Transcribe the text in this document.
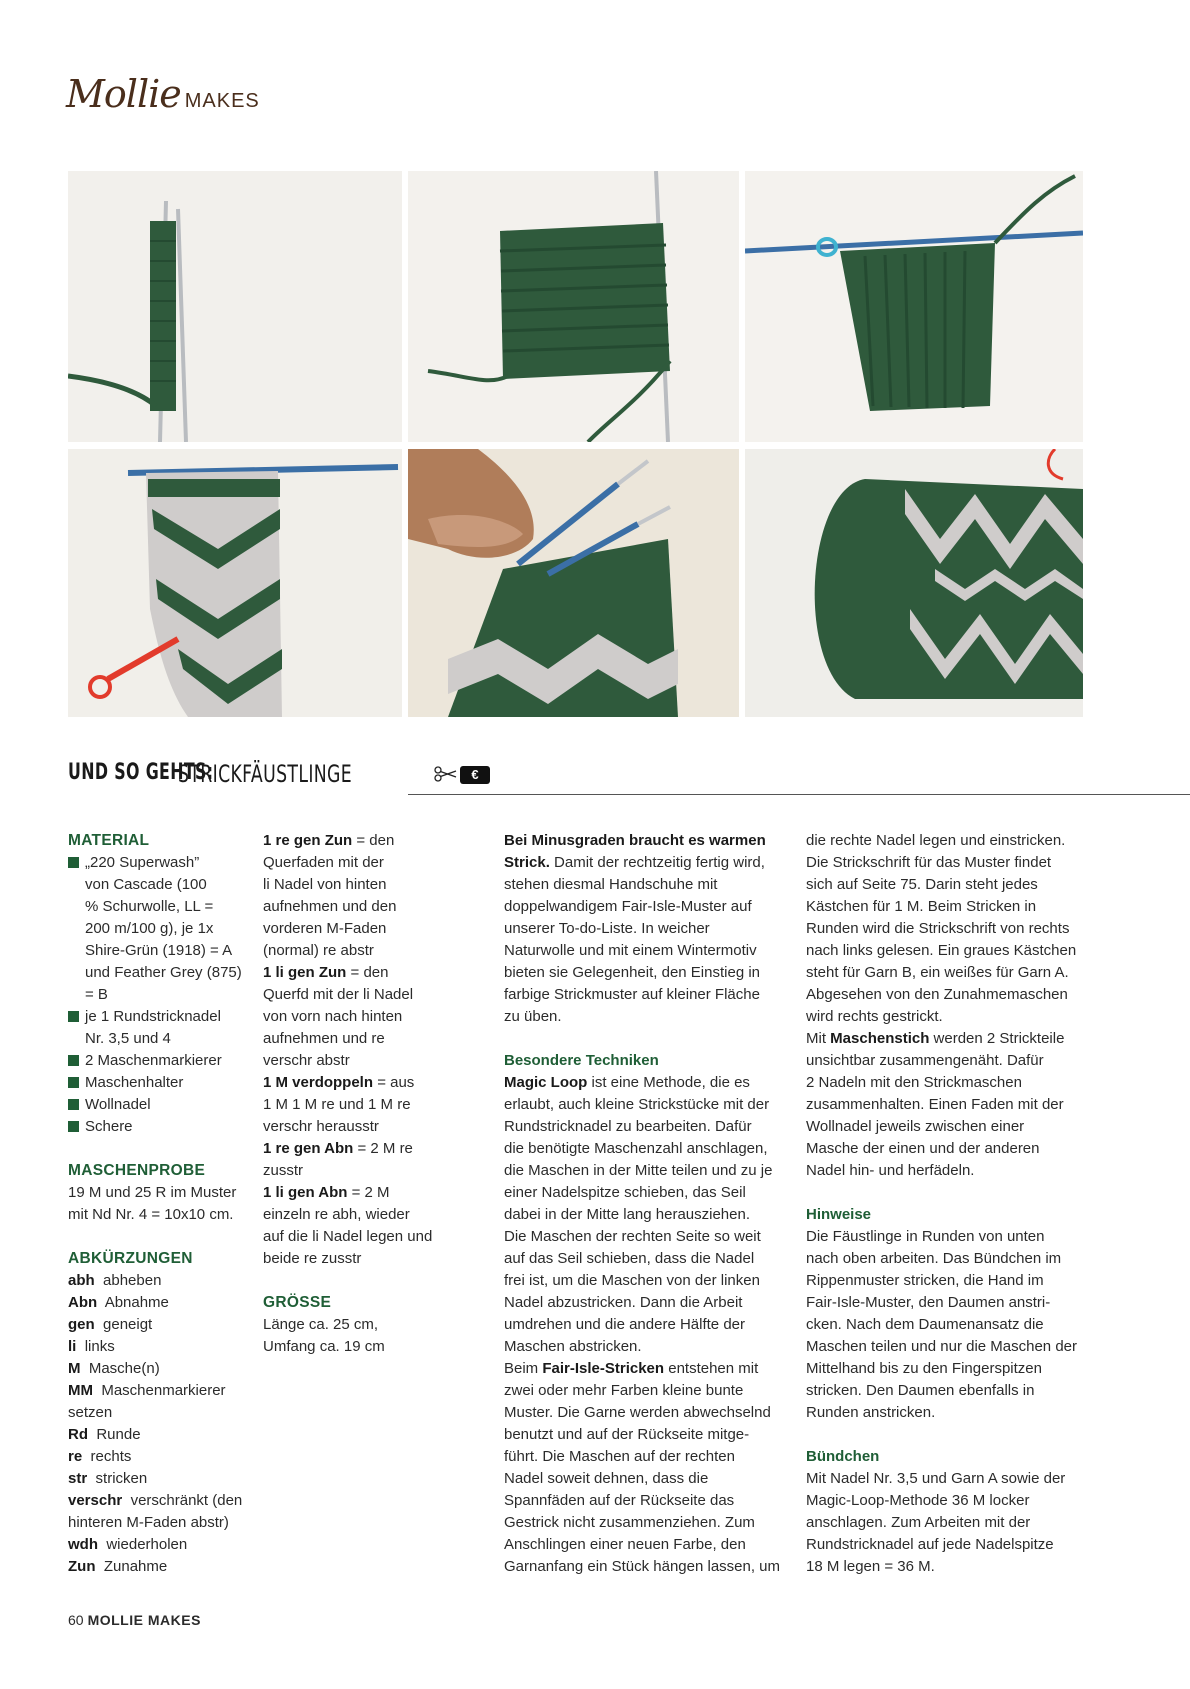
Mollie MAKES
UND SO GEHTS:
STRICKFÄUSTLINGE	€

MATERIAL

„220 Superwash”

von Cascade (100

% Schurwolle, LL =

200 m/100 g), je 1x

Shire-Grün (1918) = A

und Feather Grey (875)

= B

je 1 Rundstricknadel

Nr. 3,5 und 4

2 Maschenmarkierer

Maschenhalter

Wollnadel

Schere

MASCHENPROBE

19 M und 25 R im Muster

mit Nd Nr. 4 = 10x10 cm.

ABKÜRZUNGEN

abh abheben

Abn Abnahme

gen geneigt

li links

M Masche(n)

MM Maschenmarkierer

setzen

Rd Runde

re rechts

str stricken

verschr verschränkt (den

hinteren M-Faden abstr)

wdh wiederholen

Zun Zunahme

1 re gen Zun = den

Querfaden mit der

li Nadel von hinten

aufnehmen und den

vorderen M-Faden

(normal) re abstr

1 li gen Zun = den

Querfd mit der li Nadel

von vorn nach hinten

aufnehmen und re

verschr abstr

1 M verdoppeln = aus

1 M 1 M re und 1 M re

verschr herausstr

1 re gen Abn = 2 M re

zusstr

1 li gen Abn = 2 M

einzeln re abh, wieder

auf die li Nadel legen und

beide re zusstr

GRÖSSE

Länge ca. 25 cm,

Umfang ca. 19 cm

Bei Minusgraden braucht es warmen

Strick. Damit der rechtzeitig fertig wird,

stehen diesmal Handschuhe mit

doppelwandigem Fair-Isle-Muster auf

unserer To-do-Liste. In weicher

Naturwolle und mit einem Wintermotiv

bieten sie Gelegenheit, den Einstieg in

farbige Strickmuster auf kleiner Fläche

zu üben.

Besondere Techniken

Magic Loop ist eine Methode, die es

erlaubt, auch kleine Strickstücke mit der

Rundstricknadel zu bearbeiten. Dafür

die benötigte Maschenzahl anschlagen,

die Maschen in der Mitte teilen und zu je

einer Nadelspitze schieben, das Seil

dabei in der Mitte lang herausziehen.

Die Maschen der rechten Seite so weit

auf das Seil schieben, dass die Nadel

frei ist, um die Maschen von der linken

Nadel abzustricken. Dann die Arbeit

umdrehen und die andere Hälfte der

Maschen abstricken.

Beim Fair-Isle-Stricken entstehen mit

zwei oder mehr Farben kleine bunte

Muster. Die Garne werden abwechselnd

benutzt und auf der Rückseite mitge-

führt. Die Maschen auf der rechten

Nadel soweit dehnen, dass die

Spannfäden auf der Rückseite das

Gestrick nicht zusammenziehen. Zum

Anschlingen einer neuen Farbe, den

Garnanfang ein Stück hängen lassen, um

die rechte Nadel legen und einstricken.

Die Strickschrift für das Muster findet

sich auf Seite 75. Darin steht jedes

Kästchen für 1 M. Beim Stricken in

Runden wird die Strickschrift von rechts

nach links gelesen. Ein graues Kästchen

steht für Garn B, ein weißes für Garn A.

Abgesehen von den Zunahmemaschen

wird rechts gestrickt.

Mit Maschenstich werden 2 Strickteile

unsichtbar zusammengenäht. Dafür

2 Nadeln mit den Strickmaschen

zusammenhalten. Einen Faden mit der

Wollnadel jeweils zwischen einer

Masche der einen und der anderen

Nadel hin- und herfädeln.

Hinweise

Die Fäustlinge in Runden von unten

nach oben arbeiten. Das Bündchen im

Rippenmuster stricken, die Hand im

Fair-Isle-Muster, den Daumen anstri-

cken. Nach dem Daumenansatz die

Maschen teilen und nur die Maschen der

Mittelhand bis zu den Fingerspitzen

stricken. Den Daumen ebenfalls in

Runden anstricken.

Bündchen

Mit Nadel Nr. 3,5 und Garn A sowie der

Magic-Loop-Methode 36 M locker

anschlagen. Zum Arbeiten mit der

Rundstricknadel auf jede Nadelspitze

18 M legen = 36 M.

60 MOLLIE MAKES
